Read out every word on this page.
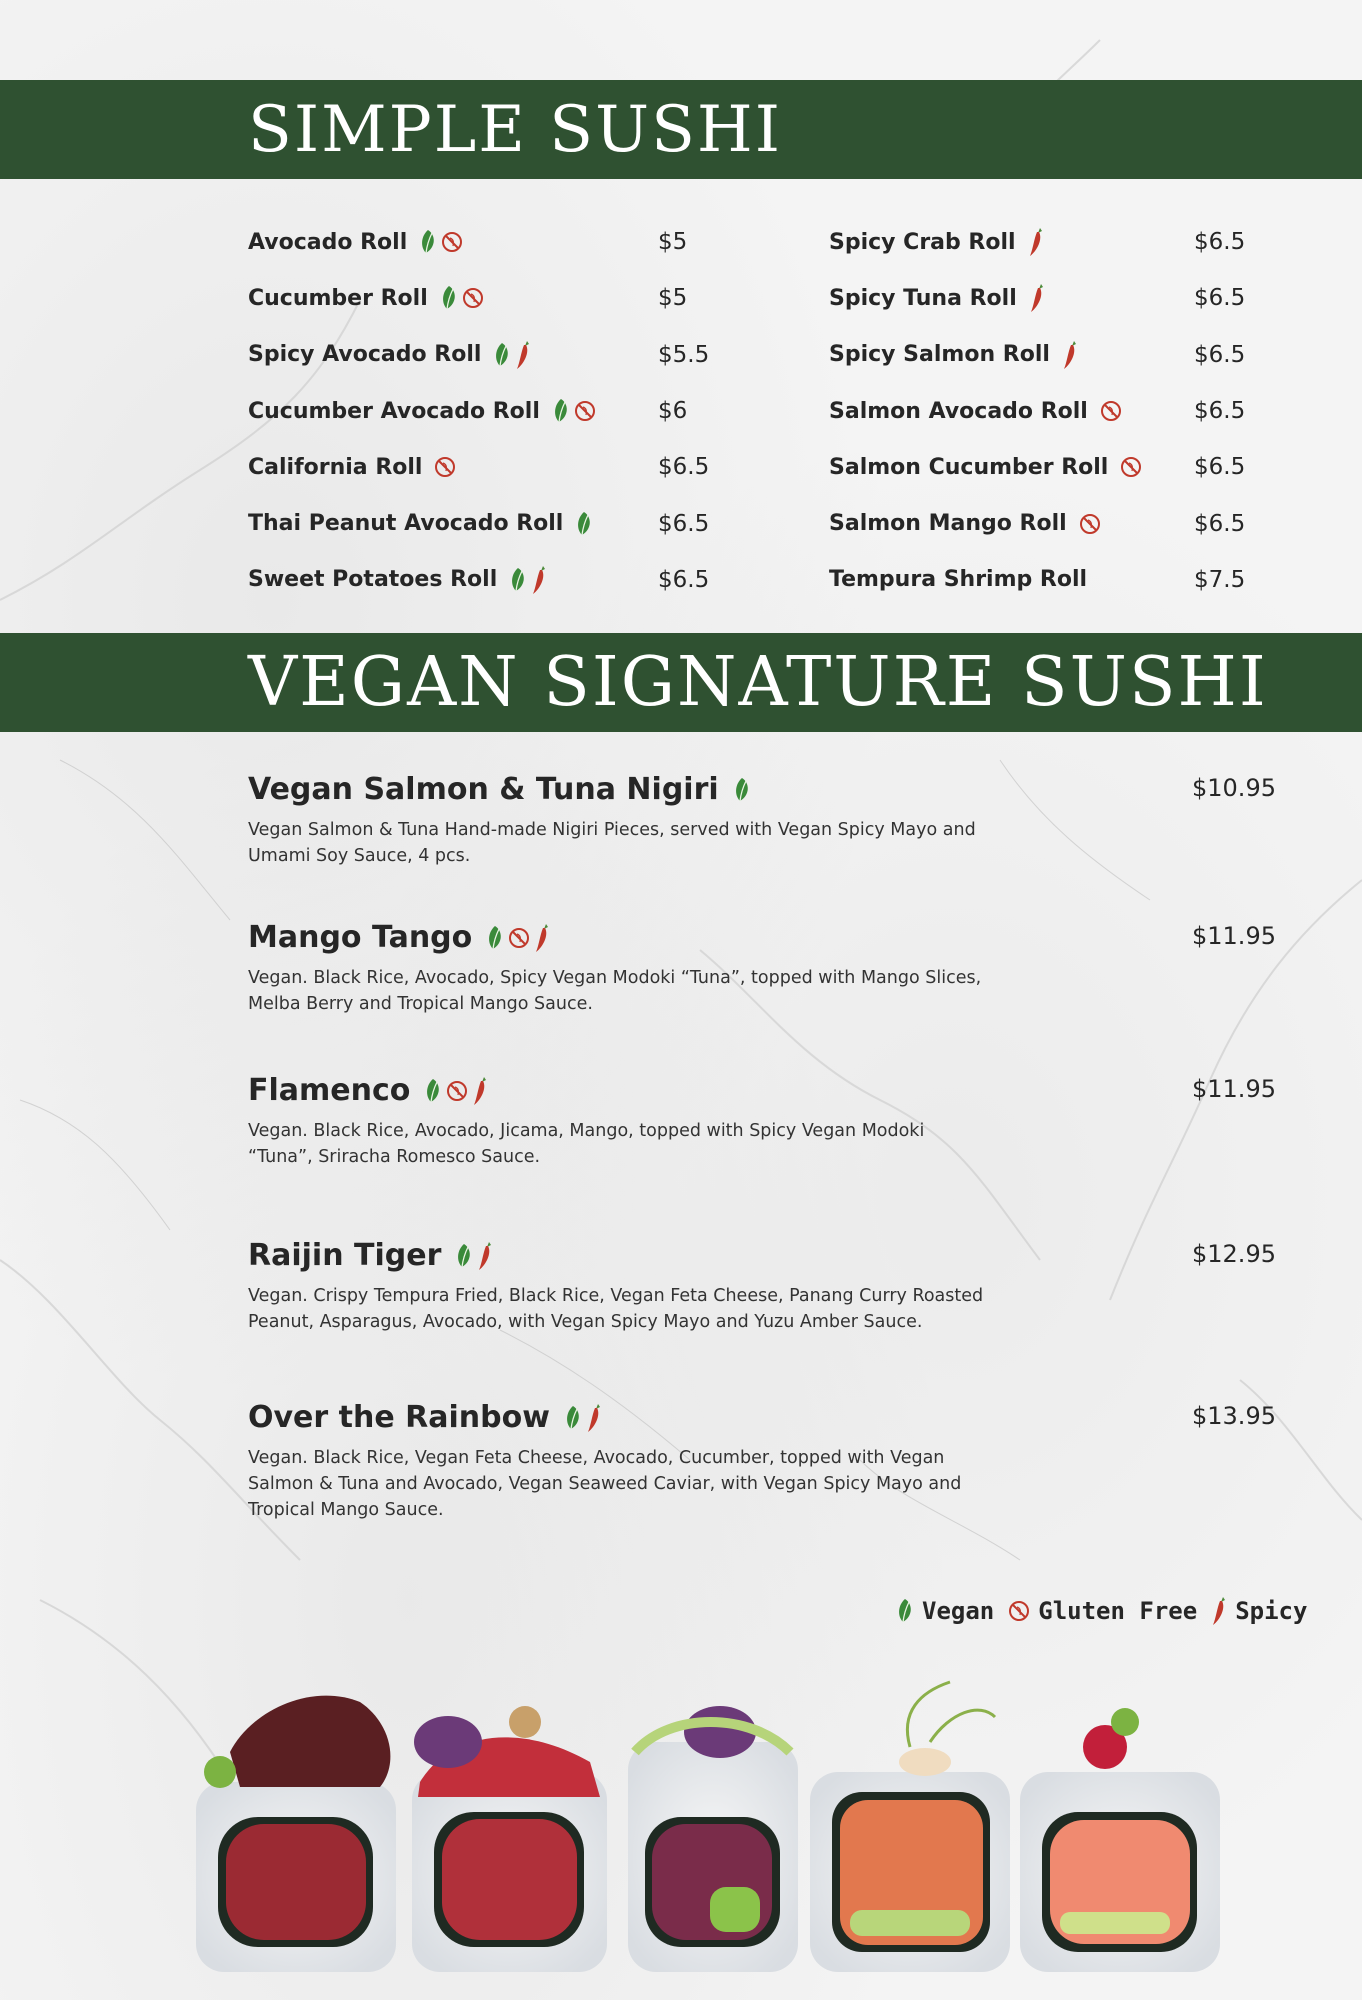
SIMPLE SUSHI
Avocado Roll	$5
Cucumber Roll	$5
Spicy Avocado Roll	$5.5
Cucumber Avocado Roll	$6
California Roll	$6.5
Thai Peanut Avocado Roll	$6.5
Sweet Potatoes Roll	$6.5
Spicy Crab Roll	$6.5
Spicy Tuna Roll	$6.5
Spicy Salmon Roll	$6.5
Salmon Avocado Roll	$6.5
Salmon Cucumber Roll	$6.5
Salmon Mango Roll	$6.5
Tempura Shrimp Roll	$7.5
VEGAN SIGNATURE SUSHI
Vegan Salmon & Tuna Nigiri	$10.95
Vegan Salmon & Tuna Hand-made Nigiri Pieces, served with Vegan Spicy Mayo and Umami Soy Sauce, 4 pcs.
Mango Tango	$11.95
Vegan. Black Rice, Avocado, Spicy Vegan Modoki “Tuna”, topped with Mango Slices, Melba Berry and Tropical Mango Sauce.
Flamenco	$11.95
Vegan. Black Rice, Avocado, Jicama, Mango, topped with Spicy Vegan Modoki “Tuna”, Sriracha Romesco Sauce.
Raijin Tiger	$12.95
Vegan. Crispy Tempura Fried, Black Rice, Vegan Feta Cheese, Panang Curry Roasted Peanut, Asparagus, Avocado, with Vegan Spicy Mayo and Yuzu Amber Sauce.
Over the Rainbow	$13.95
Vegan. Black Rice, Vegan Feta Cheese, Avocado, Cucumber, topped with Vegan Salmon & Tuna and Avocado, Vegan Seaweed Caviar, with Vegan Spicy Mayo and Tropical Mango Sauce.
Vegan Gluten Free Spicy
